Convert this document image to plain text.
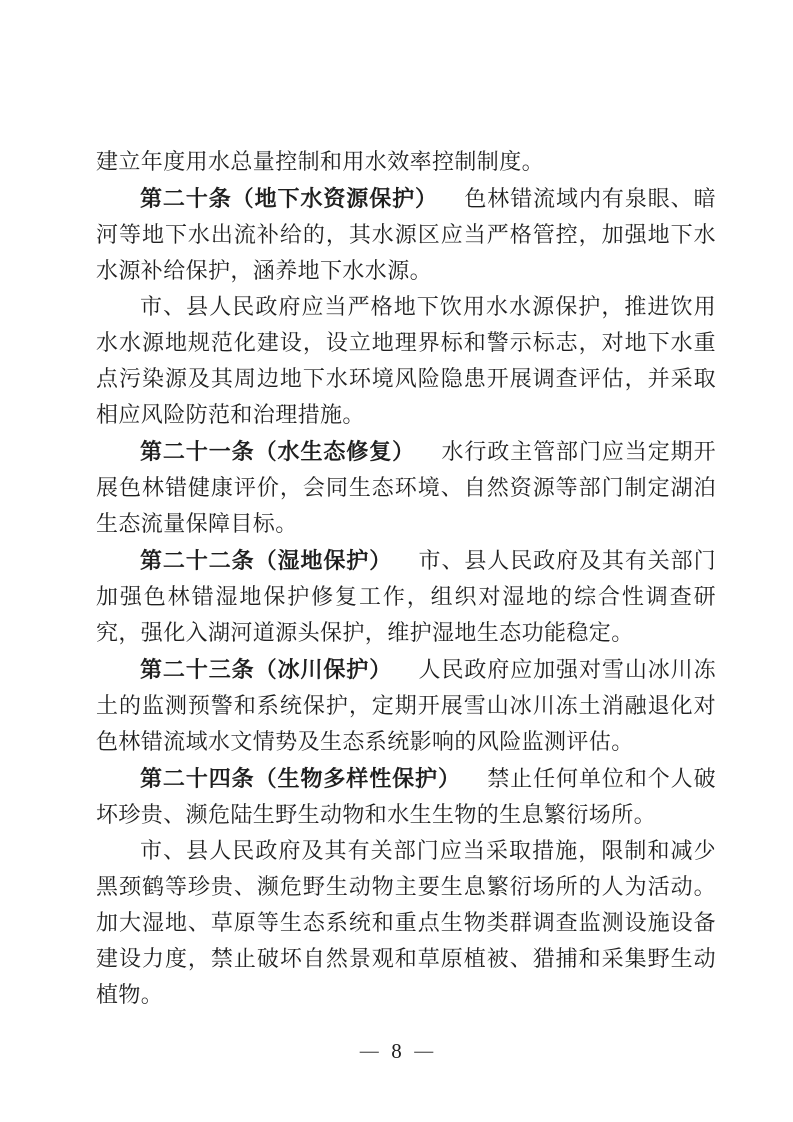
建立年度用水总量控制和用水效率控制制度。

第二十条（地下水资源保护） 色林错流域内有泉眼、暗河等地下水出流补给的，其水源区应当严格管控，加强地下水水源补给保护，涵养地下水水源。

市、县人民政府应当严格地下饮用水水源保护，推进饮用水水源地规范化建设，设立地理界标和警示标志，对地下水重点污染源及其周边地下水环境风险隐患开展调查评估，并采取相应风险防范和治理措施。

第二十一条（水生态修复） 水行政主管部门应当定期开展色林错健康评价，会同生态环境、自然资源等部门制定湖泊生态流量保障目标。

第二十二条（湿地保护） 市、县人民政府及其有关部门加强色林错湿地保护修复工作，组织对湿地的综合性调查研究，强化入湖河道源头保护，维护湿地生态功能稳定。

第二十三条（冰川保护） 人民政府应加强对雪山冰川冻土的监测预警和系统保护，定期开展雪山冰川冻土消融退化对色林错流域水文情势及生态系统影响的风险监测评估。

第二十四条（生物多样性保护） 禁止任何单位和个人破坏珍贵、濒危陆生野生动物和水生生物的生息繁衍场所。

市、县人民政府及其有关部门应当采取措施，限制和减少黑颈鹤等珍贵、濒危野生动物主要生息繁衍场所的人为活动。加大湿地、草原等生态系统和重点生物类群调查监测设施设备建设力度，禁止破坏自然景观和草原植被、猎捕和采集野生动植物。

— 8 —
